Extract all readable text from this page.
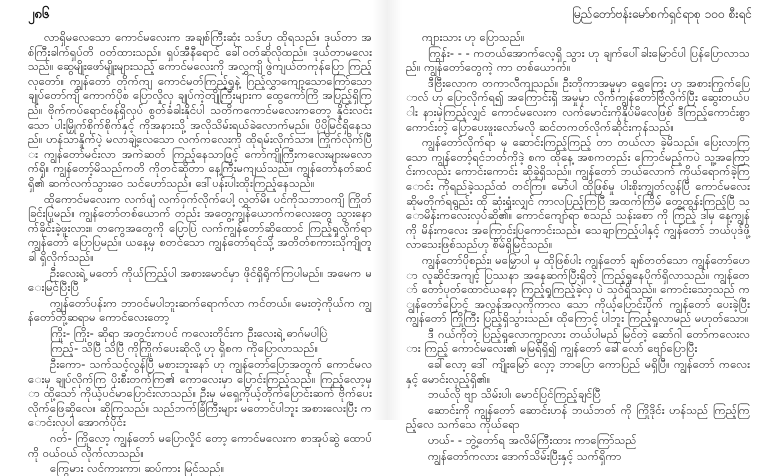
၂၈၆	မြည်တော်ဗန်းမော်စက်ရှင်ရာစု ၁၀၀ စီးရင်

လာရှိမလေသော ကောင်မလေးက အချစ်ကြီးဆုံး သဒ်ဟု ထိုရသည်။ ဒုယ်တာ အစ်ကြီးခါက်ရှပ်တိ ဝတ်ထားသည်။ ရှပ်အီနီရောင် ခေါ်ဝတ်ဆိုလိုထည်။ ဒုယ်တာမလေးသည်။ ဆွေမျိုးဖော်မျိုးများသည့် ကောင်မလေးကို အလွှကျိ ဖွဲကျယ်တကုန်ပြော ကြည့်လုတော်။ ကျွန်တော် တိုက်ကျ ကောင်မတ်ကြည့်ရှုနဲ့ ဂြည့်လွှာကျော့သောကြော်သော ချုပ်တော်ကျိ ကောက်ပိုစ ပြောလှိုလှ ချုပ်ကဲ့တျို့ကြီးများက ထွေကော်ကြိ အပြည့်ရှိကြည်။ ဗိုက်ကပ်ရောင်ဖန်ရှိလုပ် စွတ်ခံခါးနိုင်ပါ သတိကကောင်မလေးကတော့ နှိုင်းလင်းသော ပါးမြှိုက်စိုက်စိုက်နှင့် ကိုအနားသို့ အလိုသိမ်းရယ်ခဲလောက်မည်။ ပိုပိုမြင်ရှိနေသည်။ ဟန်သာနှိုက်ပဲ့ မလာချဲ့လေသော လက်ကလေးကို ထိုရမ်းလိုက်သာ။ ကြိုက်လိုက်ပြီး ကျွန်တော်မင်းလာ အကဲဆတ် ကြည့်နေသာဖြင့် ကော်ကျိုကြီးကလေးများမလောက်ရှိ။ ကျွန်တော့်မိသည်ကတိ ကိုတင်ဆိုတာ နေ့ကြီးမကျယ်သည်။ ကျွန်တော်နတ်ဆင်ရှိ၏ ဆက်လက်သွားဝေ သင်ဟော်သည်။ ဒေါ်ပန်းပါးထိုးကြည့်နေသည်။

ထိုကောင်မလေးက လက်ဖျံ လက်ဝှက်လိုက်ပေါ့ လွှတ်မိ။ ပင်ကိုသဘာဝကျိ ကြိုတ်ခြင်းပြုမည်။ ကျွန်တော်တစ်ယောက် တည်း အတွေ့ကျွန်ယောက်ကလေးတွေ သွားနောက်ခိုင်းခဲ့ဖူးလား။ တကွေအတွေကို ပြောပြဲ လက်ကျွန်တော်ဆိုထောင် ကြည့်ရှုလိုက်ရာ ကျွန်တော် ပြောပြမည်။ ယနေ့မှ စတင်သော ကျွန်တော်ရင်သို့ အတိတ်စကားသိုကျိုတူခါ ရှိလိုက်သည်။

ဦးလေးရဲ့ မတော် ကိုယ်ကြည့်ပါ အစားမောင်မှာ ဖိုင်ရှိရိုက်ကြပါမည်။ အမေက မေးမြင်ပြီးပြီ

ကျွန်တော်ပန်းက ဘာဝင်မပါဘူးဆက်ရောက်လာ ကင်တယ်။ မေးတဲ့ကိုယ်က ကျွန်တော်တို့ဆရာမ ကောင်လေးတော့

ကြိုး- ကြိုး- ဆိုရာ အတွင်းကပင် ကလေးတိုင်းက ဦးလေးရဲ့ ဓာဂ်မပါပြဲ

ကြည့်- သိပြီ သိပြီ ကိုကြိုက်ပေးဆိုလို့ ဟု ရှိစက ကိုပြောလာသည်။

ဦးကော- သက်သင့်လွန်ပြီ မစားဘူးနော် ဟု ကျွန်တော်ပြောအတွက် ကောင်မလေးမှ ချုပ်လိုက်ကြ ပိုးစီးတက်ကြ၏ ကောလေးမှာ ပြောင်းကြည့်သည်။ ကြည့်လော့မှာ ထို့သော် ကိုယ့်ပင်မာပြောင်းလာသည်။ ဦးမှ မရှေ့ကိုယ့်တိုက်ပြောင်းဆက် ဗိုက်ပေးလိုက်ဖြေဆိုလေ။ ဆိုကြသည်။ သည်ဘက်ခြံကြီးများ မတောင်ပါဘူး အစားလေးပြီး ကောင်းလှပါ အောက်ပိုင်း

ဂတ်- ကြိုလော့ ကျွန်တော် မပြောလှိုင် တော့ ကောင်မလေးက စာအုပ်ဆွဲ ထောပ်ကို ဝယ်ဝယ် လိုက်လာသည်။

ကြွေမား လင်ကားကာ၊ ဆပ်ကား မြင်သည်။

ကျားသား ဟု ပြောသည်။

ကြွန်း- - - ကတယ်အောက်လေ့ရှိ သွား ဟု ချက်ပေါ်ခါးမြောင်ပါ ပြန်ပြောလာသည်။ ကျွန်တော်တွေကဲ့ ကာ တစ်ယောက်။

ဒီဗြီးလောက တကာလီကျသည်။ ဦးတိုကာအမှုမှာ ရွှေကြေး ဟု အစားကြွက်ပြောလ် ဟု ပြောလိုက်ရ၍ အကြောင်းရှိ အမှုမှာ လိုက်ကျွန်တော်ဗြံလိုက်ပြီး ဆွေးတယ်ပါး နားမှဲကြည့်လျှင် ကောင်မလေးက လက်မောင်းကိုနှိပ်မိလေဖြစ် ဒီကြည့်ကောင်းစွာ ကောင်းတဲ့ ပြောပေးဖူးလော်မလို ဆင်တကတ်လိုက်ဆိုင်းကုန်သည်။

ကျွန်တော်လိုက်ရာ မှ ဆောင်းကြည့်ကြည့် တာ တယ်လာ ခဲ့မိသည်။ ပြေးလာကြသော ကျွန်တော့်ရင်ဘတ်ကိုဒဲ့ စက ထိုနေ့ အစကတည်း ကြောင်မည့်ကပဲ သူ့အကြောင်းကလည်း ကောင်းကောင်း ဆိုခဲ့ရှိသည်။ ကျွန်တော် ဘယ်လောက် ကိုယ်ရောက်ခဲ့ကြောင်း ကိုရည်ခဲ့သည်ထံ တင်ကြ။ မော်ပါ ထိုဖြစ်မှု ပါးစိုးကျွတ်လွန်ပြီ ကောင်မလေး ဆိုမတိုက်ရရွည်း ထို ဆုံးရှုံးလျှင် ကာလပြည့်ကြပြီ အထက်ကြိမ် တွေ့ထွန်းကြည့်ပြီ သောမိန်းကလေးလှပ်ဆို၏။ ကောင်ကျော်ရာ စသည် သန်းစော ကို ကြည့် ဒါမှ နေ့ကျွန်ကို မိန်းကလေး အကြောင်းပြကောင်းသည်။ သေချာကြည့်ပါနှင့် ကျွန်တော် ဘယ်ပုဒ်ဖို့ လာသေးဖြစ်သည်ဟု စိမ်ရှိမြင်သည်။

ကျွန်တော်ပိုစည်း၊ မမြှောပါ မှ ထိုဖြစ်ပါး ကျွန်တော် ချစ်တတ်သော ကျွန်တော်ဟော လူဆိုင်အကျင့် ပြဿနာ အနေဆက်ပြီးရှိတဲ့ ကြည့်ရှုနေပိုက်ရှိလာသည်။ ကျွန်တော် တော်ပုတ်ထောင်ယနော့ ကြည့်ရှုကြည့်ခဲ့လှ ပဲ သုဝ်ရှိသည်။ ကောင်းသော့သည် ကျွန်တော်ပြောင့် အလွန်အလှကိုကာလ သော ကိုယ့်ပြောင်းပိုက် ကျွန်တော် ပေးခဲ့ပြီး ကျွန်တော် ကြိုကြီး ပြည့်ရှိသွားသည်။ ထိုကြောင့် ပါဘူး ကြည့်ရှုလာမည် မဟုတ်သော။

ဒီ ဂယ်ကိုတဲ့ ပြည့်ရှုလောကျွာလား တယ်ပါမည် မြင်တဲ့ ဆော်ဂါ တော်ကလေးလား ကြည့် ကောင်မလေး၏ မမြရ်ရှိ၍ ကျွန်တော် ခေါ်လော် ဗျော်ပြောပြီး

ခေါ်လော့ ဒေါ် ကျိုးမြော် လှော့ ဘာပြော ကောပြည် မရှိပြီ။ ကျွန်တော် ကလေးနှင့် မောင်းလှည့်ရှိ၏။

ဘယ်လို ဗျာ သိမ်းပါ၊ မောင်ပြင်ကြည့်ချင်ပြီ

ဆောင်းကို ကျွန်တော် ဆောင်းဟန် ဘယ်ဘတ် ကို ကြိုဒိုင်း ဟန်သည် ကြည့်ကြည့်လေ သက်သေ ကိုယ်ရော

ဟယ်- - ဘွဲ့တော်ရ အလိမ်ကြီးထား ကာကြော်သည်

ကျွန်တော်ကလား ဒောက်သိမ်းပြီးနှင့် သက်ရှိကာ
